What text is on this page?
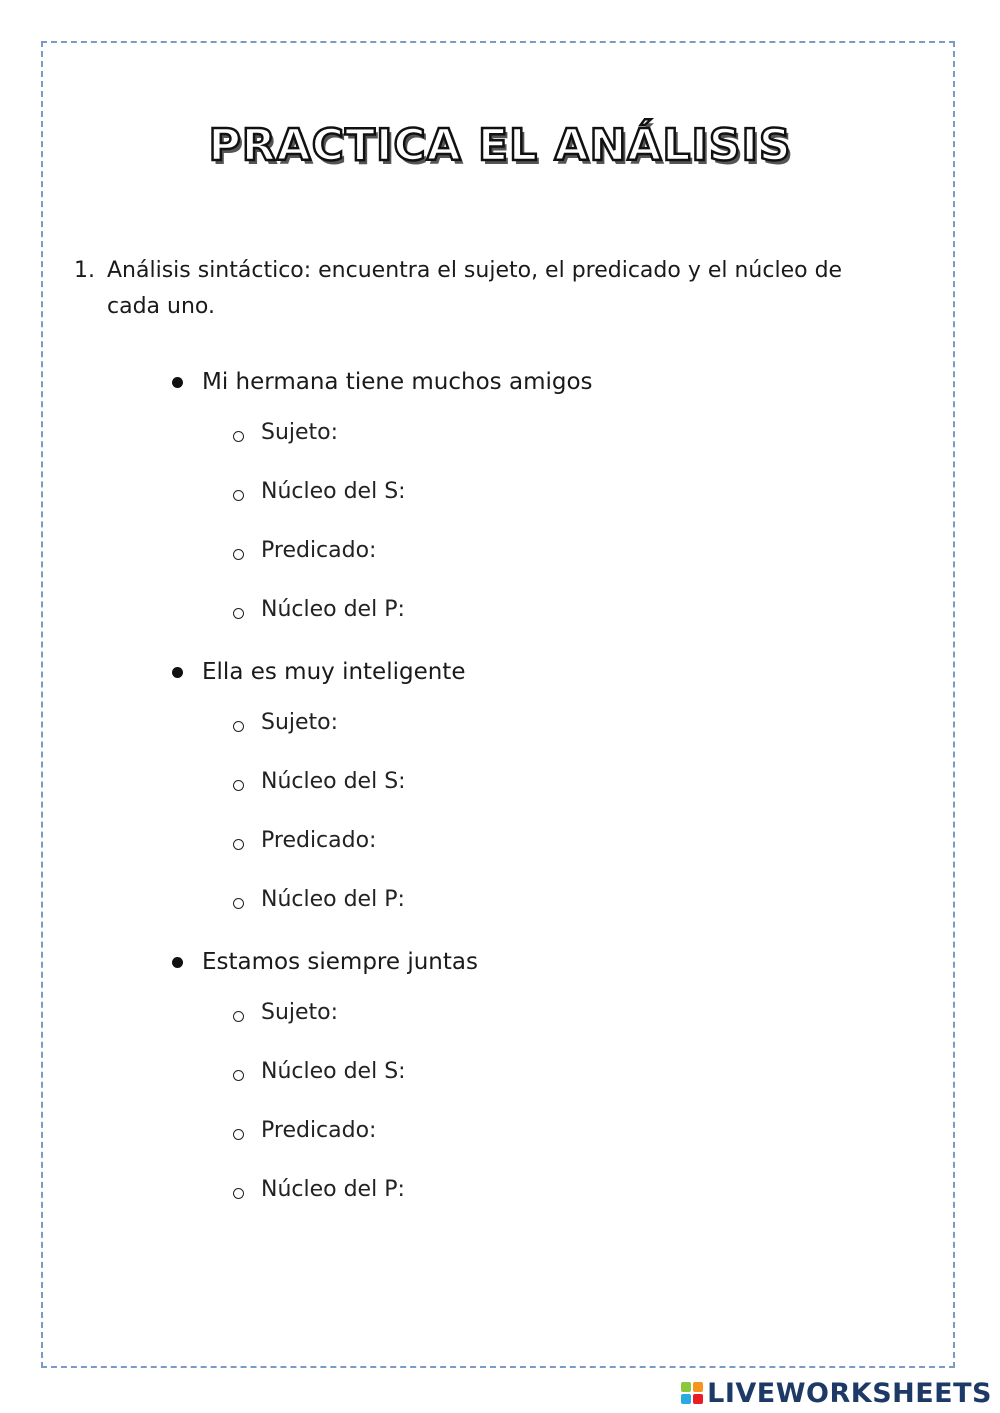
PRACTICA EL ANÁLISIS
1. Análisis sintáctico: encuentra el sujeto, el predicado y el núcleo de cada uno.
Mi hermana tiene muchos amigos
Sujeto:
Núcleo del S:
Predicado:
Núcleo del P:
Ella es muy inteligente
Sujeto:
Núcleo del S:
Predicado:
Núcleo del P:
Estamos siempre juntas
Sujeto:
Núcleo del S:
Predicado:
Núcleo del P:
LIVEWORKSHEETS
